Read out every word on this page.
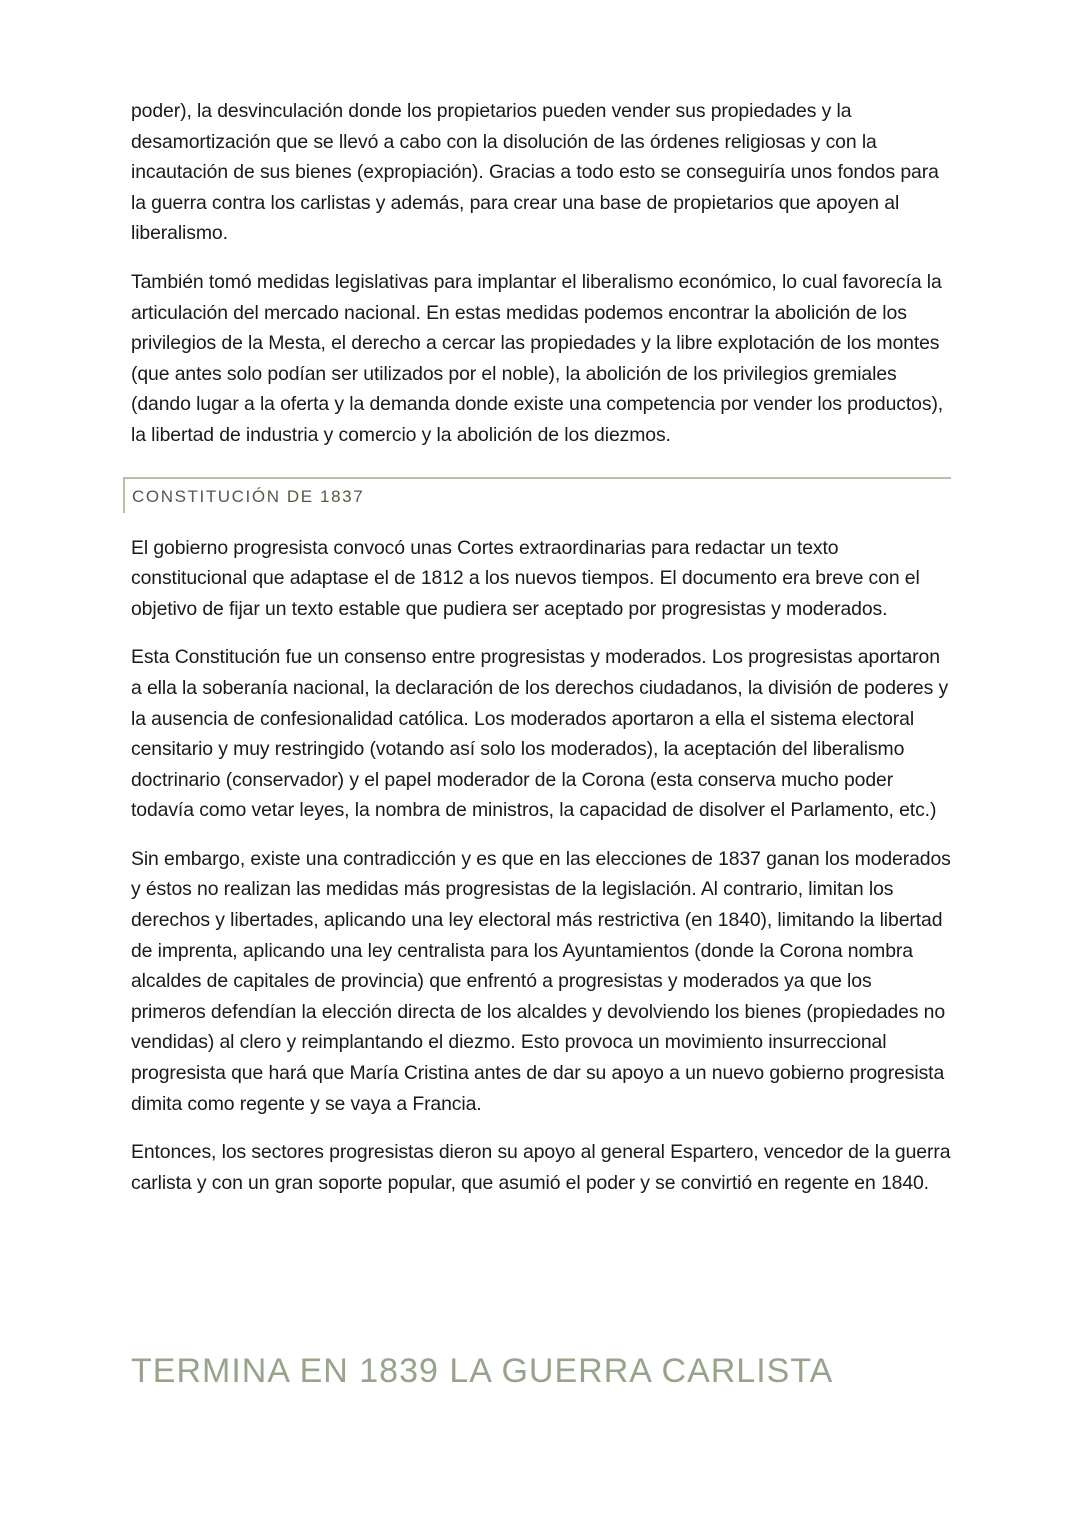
poder), la desvinculación donde los propietarios pueden vender sus propiedades y la desamortización que se llevó a cabo con la disolución de las órdenes religiosas y con la incautación de sus bienes (expropiación). Gracias a todo esto se conseguiría unos fondos para la guerra contra los carlistas y además, para crear una base de propietarios que apoyen al liberalismo.

También tomó medidas legislativas para implantar el liberalismo económico, lo cual favorecía la articulación del mercado nacional. En estas medidas podemos encontrar la abolición de los privilegios de la Mesta, el derecho a cercar las propiedades y la libre explotación de los montes (que antes solo podían ser utilizados por el noble), la abolición de los privilegios gremiales (dando lugar a la oferta y la demanda donde existe una competencia por vender los productos), la libertad de industria y comercio y la abolición de los diezmos.

CONSTITUCIÓN DE 1837

El gobierno progresista convocó unas Cortes extraordinarias para redactar un texto constitucional que adaptase el de 1812 a los nuevos tiempos. El documento era breve con el objetivo de fijar un texto estable que pudiera ser aceptado por progresistas y moderados.

Esta Constitución fue un consenso entre progresistas y moderados. Los progresistas aportaron a ella la soberanía nacional, la declaración de los derechos ciudadanos, la división de poderes y la ausencia de confesionalidad católica. Los moderados aportaron a ella el sistema electoral censitario y muy restringido (votando así solo los moderados), la aceptación del liberalismo doctrinario (conservador) y el papel moderador de la Corona (esta conserva mucho poder todavía como vetar leyes, la nombra de ministros, la capacidad de disolver el Parlamento, etc.)

Sin embargo, existe una contradicción y es que en las elecciones de 1837 ganan los moderados y éstos no realizan las medidas más progresistas de la legislación. Al contrario, limitan los derechos y libertades, aplicando una ley electoral más restrictiva (en 1840), limitando la libertad de imprenta, aplicando una ley centralista para los Ayuntamientos (donde la Corona nombra alcaldes de capitales de provincia) que enfrentó a progresistas y moderados ya que los primeros defendían la elección directa de los alcaldes y devolviendo los bienes (propiedades no vendidas) al clero y reimplantando el diezmo. Esto provoca un movimiento insurreccional progresista que hará que María Cristina antes de dar su apoyo a un nuevo gobierno progresista dimita como regente y se vaya a Francia.

Entonces, los sectores progresistas dieron su apoyo al general Espartero, vencedor de la guerra carlista y con un gran soporte popular, que asumió el poder y se convirtió en regente en 1840.

TERMINA EN 1839 LA GUERRA CARLISTA
